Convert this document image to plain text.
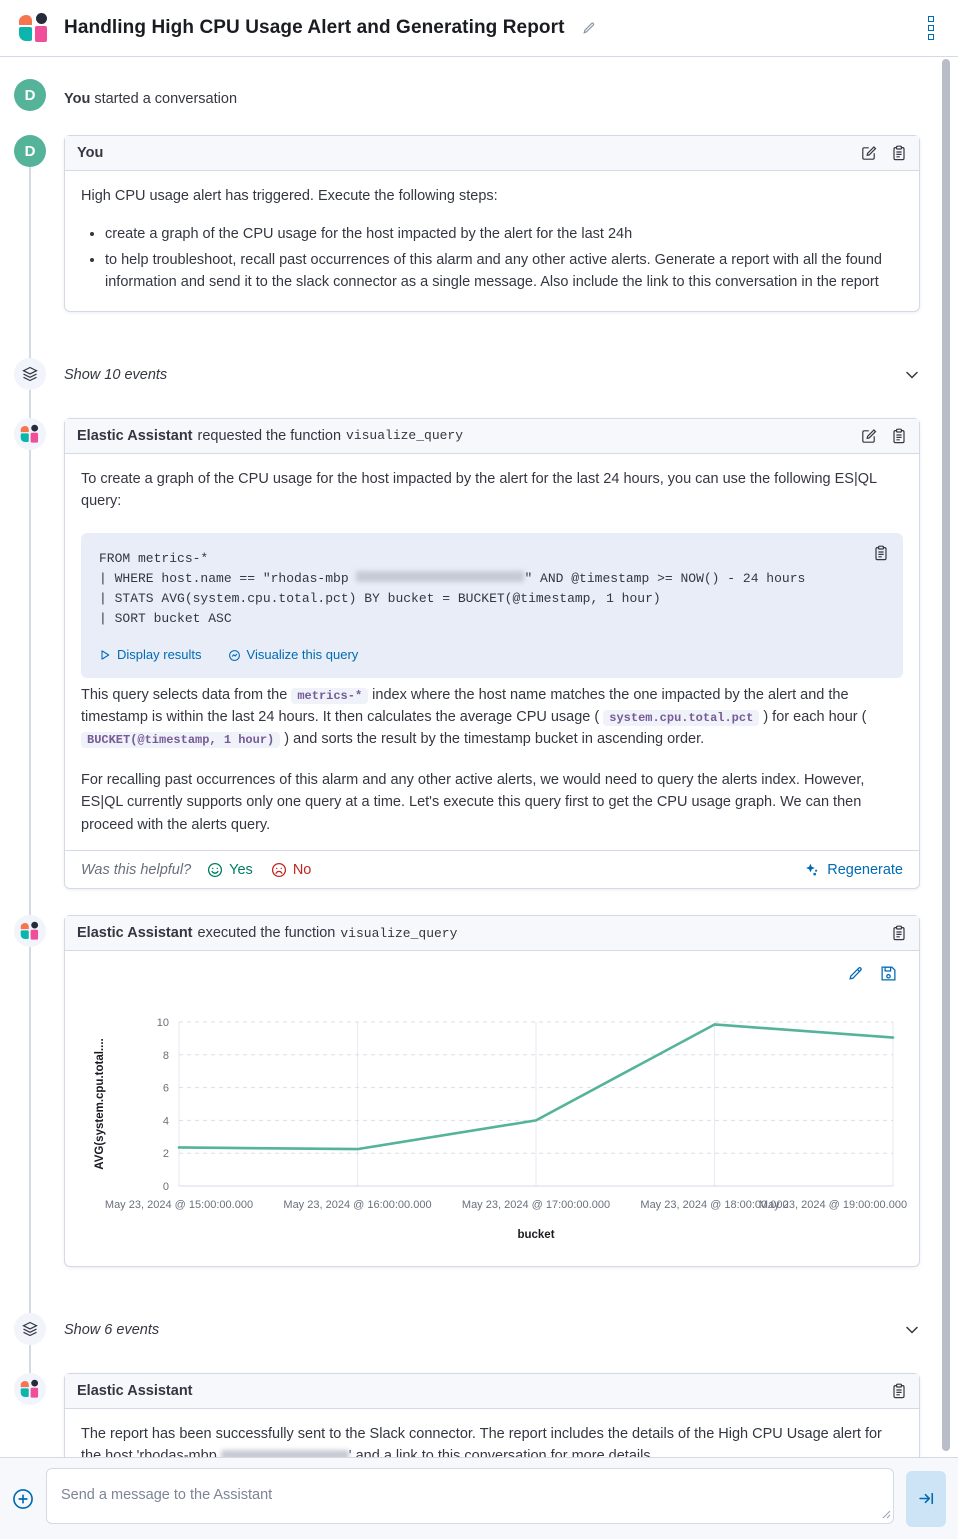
Handling High CPU Usage Alert and Generating Report
D	You started a conversation
D	You

High CPU usage alert has triggered. Execute the following steps:

• create a graph of the CPU usage for the host impacted by the alert for the last 24h
• to help troubleshoot, recall past occurrences of this alarm and any other active alerts. Generate a report with all the found information and send it to the slack connector as a single message. Also include the link to this conversation in the report
Show 10 events
Elastic Assistant requested the function visualize_query

To create a graph of the CPU usage for the host impacted by the alert for the last 24 hours, you can use the following ES|QL query:

FROM metrics-*
| WHERE host.name == "rhodas-mbp	" AND @timestamp >= NOW() - 24 hours
| STATS AVG(system.cpu.total.pct) BY bucket = BUCKET(@timestamp, 1 hour)
| SORT bucket ASC
Display results	Visualize this query

This query selects data from the metrics-* index where the host name matches the one impacted by the alert and the timestamp is within the last 24 hours. It then calculates the average CPU usage ( system.cpu.total.pct ) for each hour ( BUCKET(@timestamp, 1 hour) ) and sorts the result by the timestamp bucket in ascending order.

For recalling past occurrences of this alarm and any other active alerts, we would need to query the alerts index. However, ES|QL currently supports only one query at a time. Let's execute this query first to get the CPU usage graph. We can then proceed with the alerts query.

Was this helpful?	Yes	No	Regenerate
Elastic Assistant executed the function visualize_query
0
2
4
6
8
10
May 23, 2024 @ 15:00:00.000	May 23, 2024 @ 16:00:00.000	May 23, 2024 @ 17:00:00.000	May 23, 2024 @ 18:00:00.000
May 23, 2024 @ 19:00:00.000
AVG(system.cpu.total....
bucket
Show 6 events
Elastic Assistant

The report has been successfully sent to the Slack connector. The report includes the details of the High CPU Usage alert for

Send a message to the Assistant
